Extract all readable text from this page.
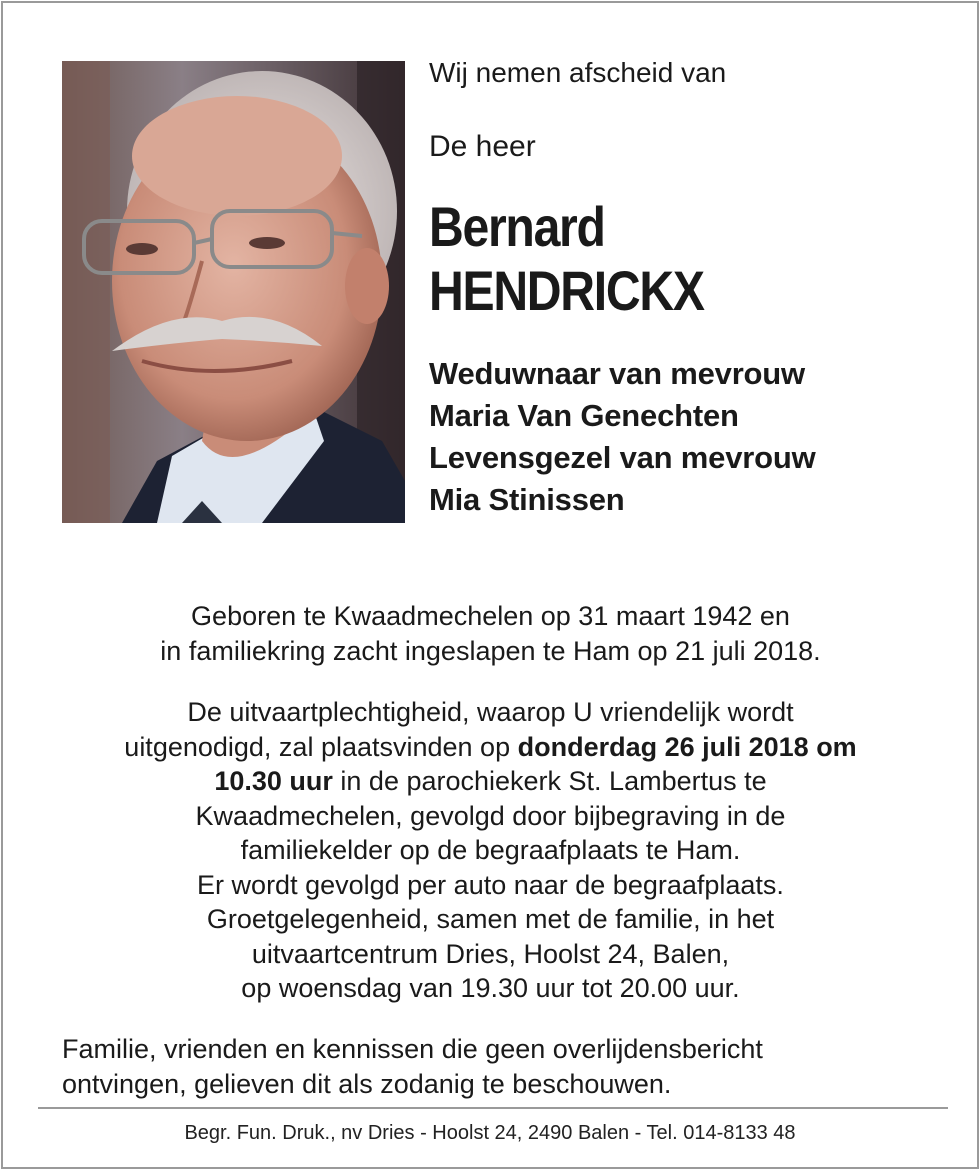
Wij nemen afscheid van

De heer

Bernard

HENDRICKX

Weduwnaar van mevrouw

Maria Van Genechten

Levensgezel van mevrouw

Mia Stinissen

Geboren te Kwaadmechelen op 31 maart 1942 en
in familiekring zacht ingeslapen te Ham op 21 juli 2018.
De uitvaartplechtigheid, waarop U vriendelijk wordt
uitgenodigd, zal plaatsvinden op donderdag 26 juli 2018 om
10.30 uur in de parochiekerk St. Lambertus te
Kwaadmechelen, gevolgd door bijbegraving in de
familiekelder op de begraafplaats te Ham.
Er wordt gevolgd per auto naar de begraafplaats.
Groetgelegenheid, samen met de familie, in het
uitvaartcentrum Dries, Hoolst 24, Balen,
op woensdag van 19.30 uur tot 20.00 uur.
Familie, vrienden en kennissen die geen overlijdensbericht
ontvingen, gelieven dit als zodanig te beschouwen.
Begr. Fun. Druk., nv Dries - Hoolst 24, 2490 Balen - Tel. 014-8133 48
